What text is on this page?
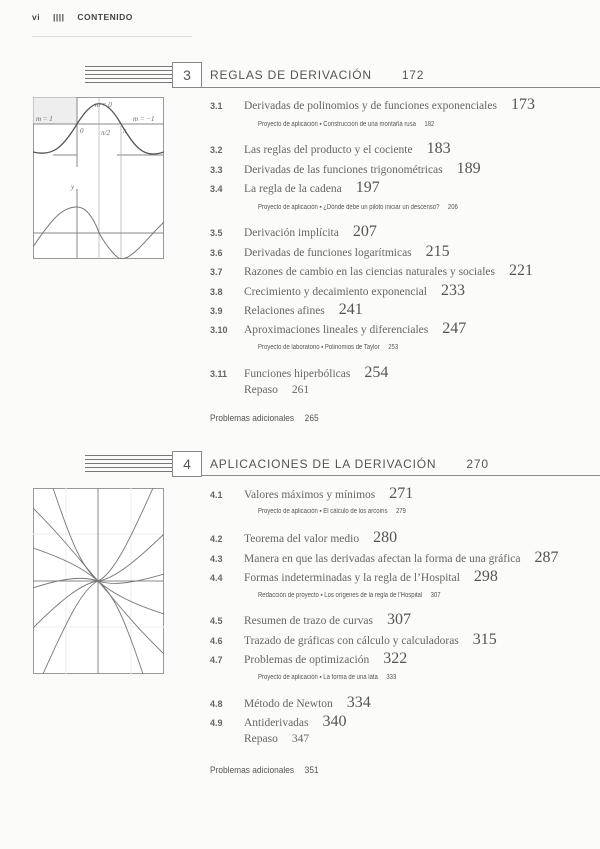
vi |||| CONTENIDO
3	REGLAS DE DERIVACIÓN	172
m = 0
m = 1	m = −1
0	π/2 π
y
3.1 Derivadas de polinomios y de funciones exponenciales 173
Proyecto de aplicación ▪ Construcción de una montaña rusa 182
3.2 Las reglas del producto y el cociente 183
3.3 Derivadas de las funciones trigonométricas 189
3.4 La regla de la cadena 197
Proyecto de aplicación ▪ ¿Dónde debe un piloto iniciar un descenso? 206
3.5 Derivación implícita 207
3.6 Derivadas de funciones logarítmicas 215
3.7 Razones de cambio en las ciencias naturales y sociales 221
3.8 Crecimiento y decaimiento exponencial 233
3.9 Relaciones afines 241
3.10 Aproximaciones lineales y diferenciales 247
Proyecto de laboratorio ▪ Polinomios de Taylor 253
3.11 Funciones hiperbólicas 254
Repaso 261
Problemas adicionales 265
4	APLICACIONES DE LA DERIVACIÓN	270
4.1 Valores máximos y mínimos 271
Proyecto de aplicación ▪ El cálculo de los arcoíris 279
4.2 Teorema del valor medio 280
4.3 Manera en que las derivadas afectan la forma de una gráfica 287
4.4 Formas indeterminadas y la regla de l’Hospital 298
Redacción de proyecto ▪ Los orígenes de la regla de l’Hospital 307
4.5 Resumen de trazo de curvas 307
4.6 Trazado de gráficas con cálculo y calculadoras 315
4.7 Problemas de optimización 322
Proyecto de aplicación ▪ La forma de una lata 333
4.8 Método de Newton 334
4.9 Antiderivadas 340
Repaso 347
Problemas adicionales 351
